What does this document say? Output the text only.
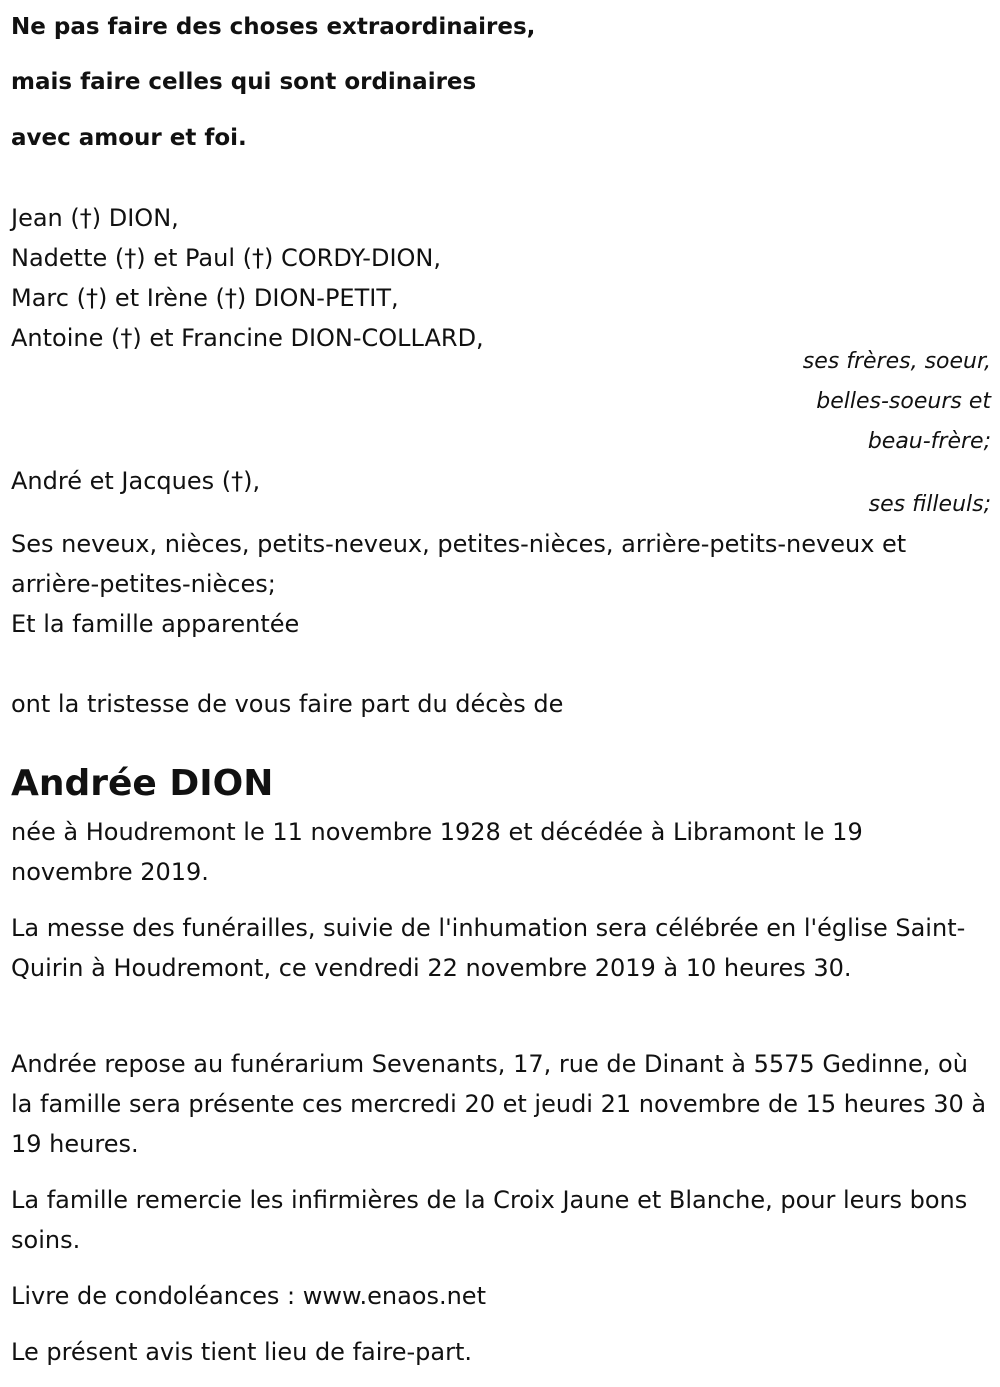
Ne pas faire des choses extraordinaires,

mais faire celles qui sont ordinaires

avec amour et foi.

Jean (†) DION,

Nadette (†) et Paul (†) CORDY-DION,

Marc (†) et Irène (†) DION-PETIT,

Antoine (†) et Francine DION-COLLARD,

ses frères, soeur,

belles-soeurs et

beau-frère;

André et Jacques (†),

ses filleuls;

Ses neveux, nièces, petits-neveux, petites-nièces, arrière-petits-neveux et

arrière-petites-nièces;

Et la famille apparentée

ont la tristesse de vous faire part du décès de

Andrée DION

née à Houdremont le 11 novembre 1928 et décédée à Libramont le 19 novembre 2019.

La messe des funérailles, suivie de l'inhumation sera célébrée en l'église Saint-Quirin à Houdremont, ce vendredi 22 novembre 2019 à 10 heures 30.

Andrée repose au funérarium Sevenants, 17, rue de Dinant à 5575 Gedinne, où la famille sera présente ces mercredi 20 et jeudi 21 novembre de 15 heures 30 à 19 heures.

La famille remercie les infirmières de la Croix Jaune et Blanche, pour leurs bons soins.

Livre de condoléances : www.enaos.net

Le présent avis tient lieu de faire-part.
